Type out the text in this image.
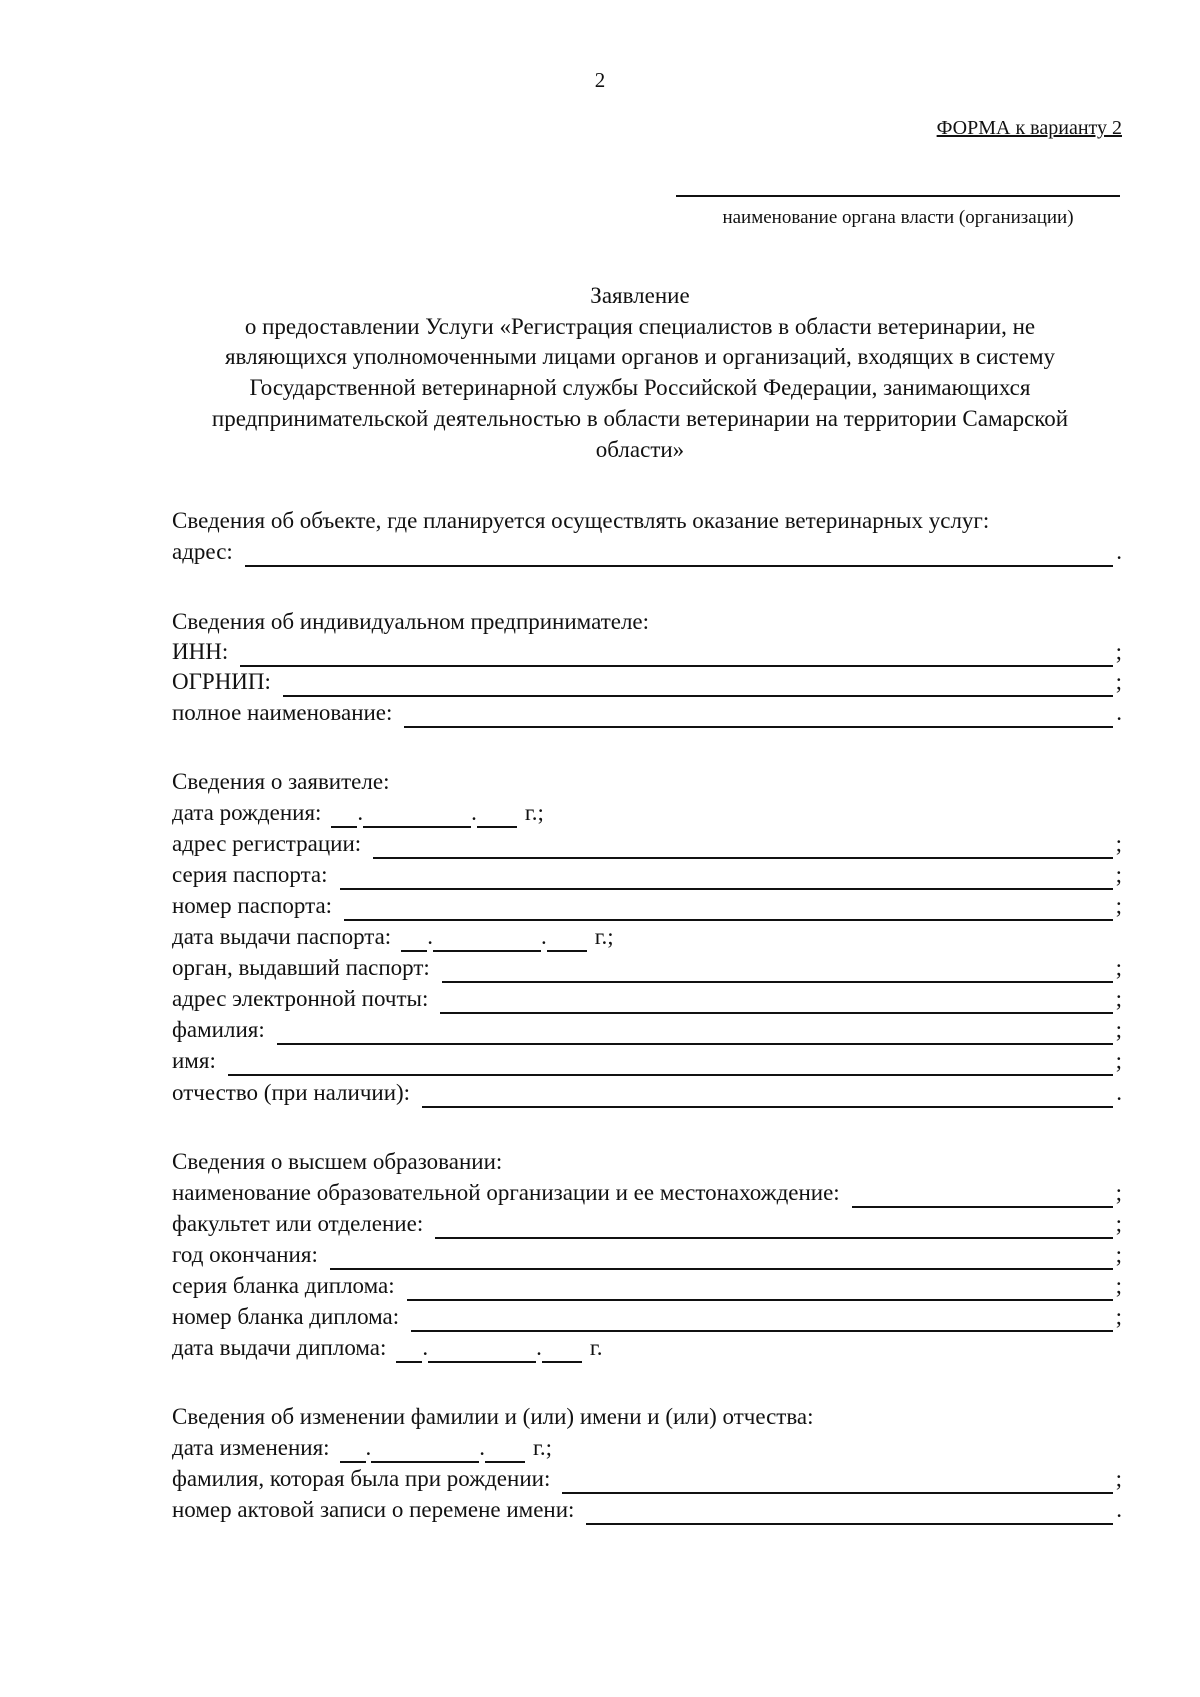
2
ФОРМА к варианту 2
наименование органа власти (организации)
Заявление
о предоставлении Услуги «Регистрация специалистов в области ветеринарии, не
являющихся уполномоченными лицами органов и организаций, входящих в систему
Государственной ветеринарной службы Российской Федерации, занимающихся
предпринимательской деятельностью в области ветеринарии на территории Самарской
области»
Сведения об объекте, где планируется осуществлять оказание ветеринарных услуг:
адрес:	.
Сведения об индивидуальном предпринимателе:
ИНН:	;
ОГРНИП:	;
полное наименование:	.
Сведения о заявителе:
дата рождения: .	. г.;
адрес регистрации:	;
серия паспорта:	;
номер паспорта:	;
дата выдачи паспорта: .	. г.;
орган, выдавший паспорт:	;
адрес электронной почты:	;
фамилия:	;
имя:	;
отчество (при наличии):	.
Сведения о высшем образовании:
наименование образовательной организации и ее местонахождение:	;
факультет или отделение:	;
год окончания:	;
серия бланка диплома:	;
номер бланка диплома:	;
дата выдачи диплома: .	. г.
Сведения об изменении фамилии и (или) имени и (или) отчества:
дата изменения: .	. г.;
фамилия, которая была при рождении:	;
номер актовой записи о перемене имени:	.
